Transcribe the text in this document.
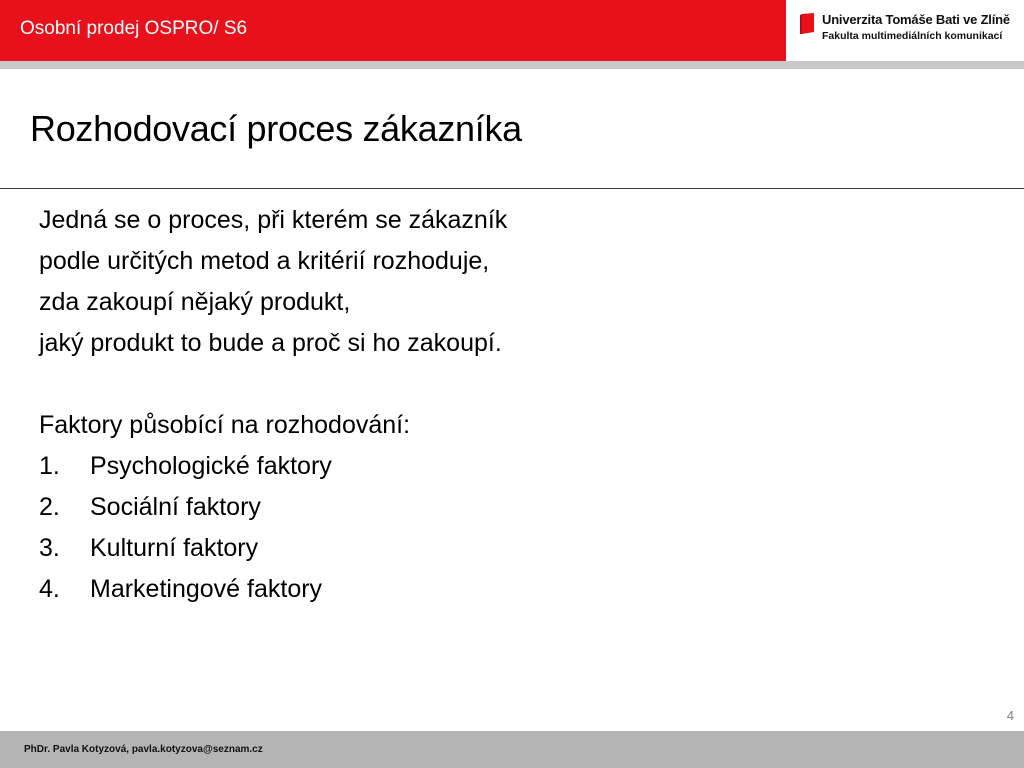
Osobní prodej OSPRO/ S6	Univerzita Tomáše Bati ve Zlíně
Fakulta multimediálních komunikací
Rozhodovací proces zákazníka
Jedná se o proces, při kterém se zákazník
podle určitých metod a kritérií rozhoduje,
zda zakoupí nějaký produkt,
jaký produkt to bude a proč si ho zakoupí.
Faktory působící na rozhodování:
1. Psychologické faktory
2. Sociální faktory
3. Kulturní faktory
4. Marketingové faktory
4
PhDr. Pavla Kotyzová, pavla.kotyzova@seznam.cz
